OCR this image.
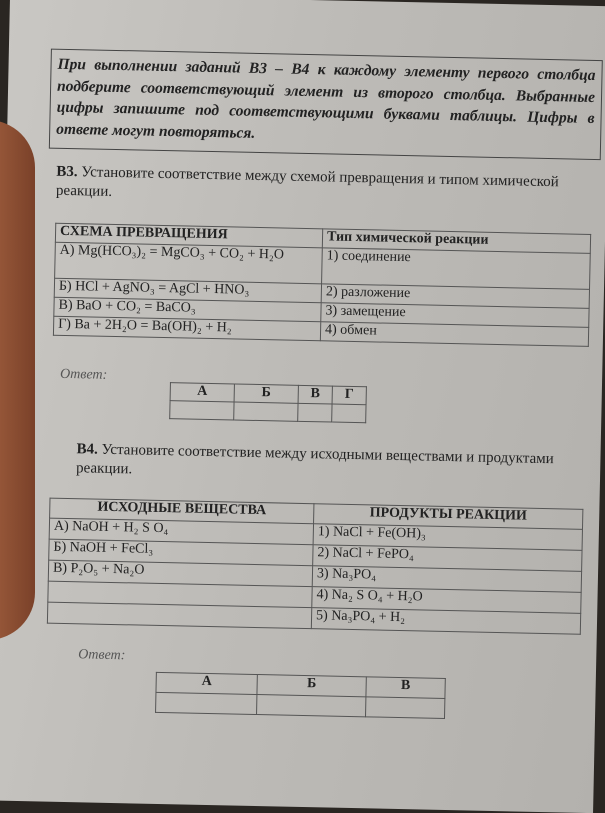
При выполнении заданий В3 – В4 к каждому элементу первого столбца подберите соответствующий элемент из второго столбца. Выбранные цифры запишите под соответствующими буквами таблицы. Цифры в ответе могут повторяться.
В3. Установите соответствие между схемой превращения и типом химической реакции.
СХЕМА ПРЕВРАЩЕНИЯ	Тип химической реакции
А) Mg(HCO₃)₂ = MgCO₃ + CO₂ + H₂O	1) соединение
Б) HCl + AgNO₃ = AgCl + HNO₃	2) разложение
В) BaO + CO₂ = BaCO₃	3) замещение
Г) Ba + 2H₂O = Ba(OH)₂ + H₂	4) обмен
Ответ:
А	Б	В	Г

В4. Установите соответствие между исходными веществами и продуктами реакции.
ИСХОДНЫЕ ВЕЩЕСТВА	ПРОДУКТЫ РЕАКЦИИ
А) NaOH + H₂ S O₄	1) NaCl + Fe(OH)₃
Б) NaOH + FeCl₃	2) NaCl + FePO₄
В) P₂O₅ + Na₂O	3) Na₃PO₄
	4) Na₂ S O₄ + H₂O
	5) Na₃PO₄ + H₂
Ответ:
А	Б	В
